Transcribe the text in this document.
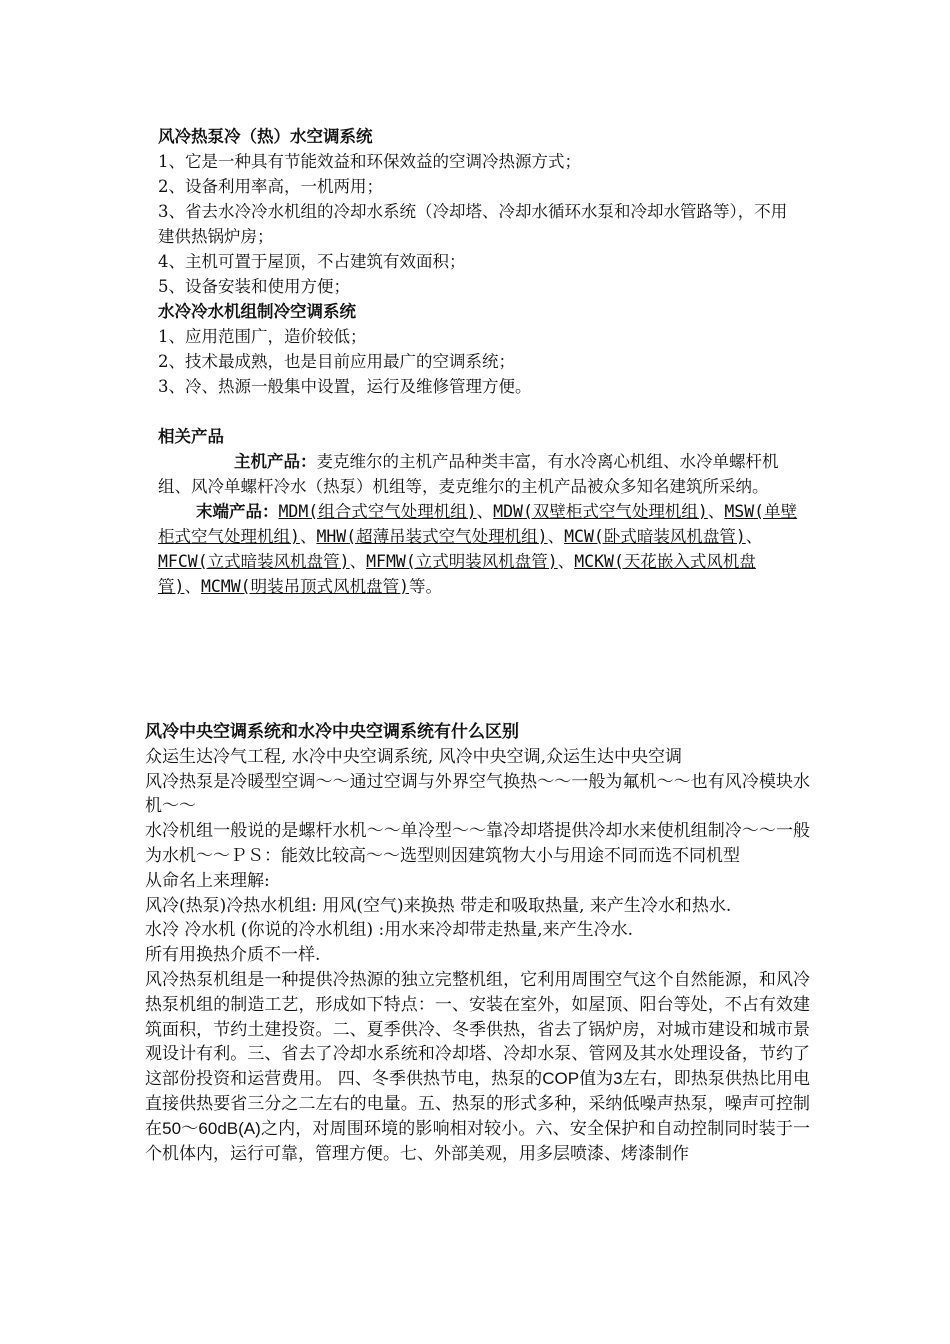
风冷热泵冷（热）水空调系统
1、它是一种具有节能效益和环保效益的空调冷热源方式；
2、设备利用率高，一机两用；
3、省去水冷冷水机组的冷却水系统（冷却塔、冷却水循环水泵和冷却水管路等），不用建供热锅炉房；
4、主机可置于屋顶，不占建筑有效面积；
5、设备安装和使用方便；
水冷冷水机组制冷空调系统
1、应用范围广，造价较低；
2、技术最成熟，也是目前应用最广的空调系统；
3、冷、热源一般集中设置，运行及维修管理方便。
相关产品
主机产品：麦克维尔的主机产品种类丰富，有水冷离心机组、水冷单螺杆机组、风冷单螺杆冷水（热泵）机组等，麦克维尔的主机产品被众多知名建筑所采纳。
末端产品：MDM(组合式空气处理机组)、MDW(双壁柜式空气处理机组)、MSW(单壁柜式空气处理机组)、MHW(超薄吊装式空气处理机组)、MCW(卧式暗装风机盘管)、MFCW(立式暗装风机盘管)、MFMW(立式明装风机盘管)、MCKW(天花嵌入式风机盘管)、MCMW(明装吊顶式风机盘管)等。
风冷中央空调系统和水冷中央空调系统有什么区别
众运生达冷气工程, 水冷中央空调系统, 风冷中央空调,众运生达中央空调
风冷热泵是冷暖型空调～～通过空调与外界空气换热～～一般为氟机～～也有风冷模块水机～～
水冷机组一般说的是螺杆水机～～单冷型～～靠冷却塔提供冷却水来使机组制冷～～一般为水机～～ＰＳ：能效比较高～～选型则因建筑物大小与用途不同而选不同机型
从命名上来理解:
风冷(热泵)冷热水机组: 用风(空气)来换热 带走和吸取热量, 来产生冷水和热水.
水冷 冷水机 (你说的冷水机组) :用水来冷却带走热量,来产生冷水.
所有用换热介质不一样.
风冷热泵机组是一种提供冷热源的独立完整机组，它利用周围空气这个自然能源，和风冷热泵机组的制造工艺，形成如下特点：一、安装在室外，如屋顶、阳台等处，不占有效建筑面积，节约土建投资。二、夏季供冷、冬季供热，省去了锅炉房，对城市建设和城市景观设计有利。三、省去了冷却水系统和冷却塔、冷却水泵、管网及其水处理设备，节约了这部份投资和运营费用。 四、冬季供热节电，热泵的COP值为3左右，即热泵供热比用电直接供热要省三分之二左右的电量。五、热泵的形式多种，采纳低噪声热泵，噪声可控制在50～60dB(A)之内，对周围环境的影响相对较小。六、安全保护和自动控制同时装于一个机体内，运行可靠，管理方便。七、外部美观，用多层喷漆、烤漆制作
